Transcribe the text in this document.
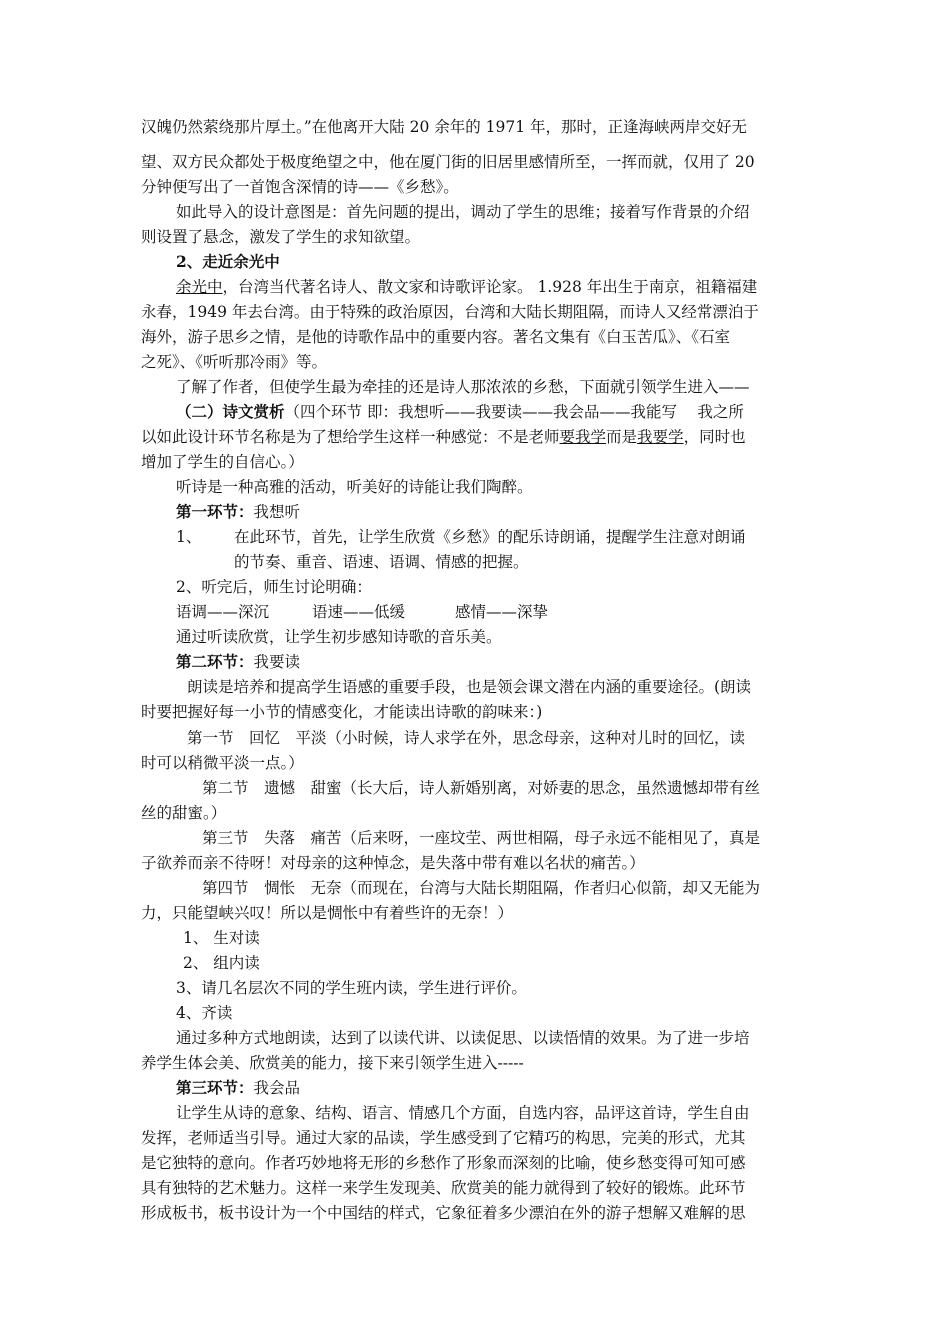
汉魄仍然萦绕那片厚土。”在他离开大陆 20 余年的 1971 年，那时，正逢海峡两岸交好无
望、双方民众都处于极度绝望之中，他在厦门街的旧居里感情所至，一挥而就，仅用了 20
分钟便写出了一首饱含深情的诗——《乡愁》。
如此导入的设计意图是：首先问题的提出，调动了学生的思维；接着写作背景的介绍
则设置了悬念，激发了学生的求知欲望。
2、走近余光中
余光中，台湾当代著名诗人、散文家和诗歌评论家。 1.928 年出生于南京，祖籍福建
永春，1949 年去台湾。由于特殊的政治原因，台湾和大陆长期阻隔，而诗人又经常漂泊于
海外，游子思乡之情，是他的诗歌作品中的重要内容。著名文集有《白玉苦瓜》、《石室
之死》、《听听那冷雨》等。
了解了作者，但使学生最为牵挂的还是诗人那浓浓的乡愁，下面就引领学生进入——
（二）诗文赏析（四个环节 即：我想听——我要读——我会品——我能写　 我之所
以如此设计环节名称是为了想给学生这样一种感觉：不是老师要我学而是我要学，同时也
增加了学生的自信心。）
听诗是一种高雅的活动，听美好的诗能让我们陶醉。
第一环节：我想听
1、 在此环节，首先，让学生欣赏《乡愁》的配乐诗朗诵，提醒学生注意对朗诵
的节奏、重音、语速、语调、情感的把握。
2、听完后，师生讨论明确：
语调——深沉	语速——低缓	感情——深挚
通过听读欣赏，让学生初步感知诗歌的音乐美。
第二环节：我要读
朗读是培养和提高学生语感的重要手段，也是领会课文潜在内涵的重要途径。(朗读
时要把握好每一小节的情感变化，才能读出诗歌的韵味来：)
第一节　回忆　平淡（小时候，诗人求学在外，思念母亲，这种对儿时的回忆，读
时可以稍微平淡一点。）
第二节　遗憾　甜蜜（长大后，诗人新婚别离，对娇妻的思念，虽然遗憾却带有丝
丝的甜蜜。）
第三节　失落　痛苦（后来呀，一座坟茔、两世相隔，母子永远不能相见了，真是
子欲养而亲不待呀！对母亲的这种悼念，是失落中带有难以名状的痛苦。）
第四节　惆怅　无奈（而现在，台湾与大陆长期阻隔，作者归心似箭，却又无能为
力，只能望峡兴叹！所以是惆怅中有着些许的无奈！）
1、 生对读
2、 组内读
3、请几名层次不同的学生班内读，学生进行评价。
4、齐读
通过多种方式地朗读，达到了以读代讲、以读促思、以读悟情的效果。为了进一步培
养学生体会美、欣赏美的能力，接下来引领学生进入-----
第三环节：我会品
让学生从诗的意象、结构、语言、情感几个方面，自选内容，品评这首诗，学生自由
发挥，老师适当引导。通过大家的品读，学生感受到了它精巧的构思，完美的形式，尤其
是它独特的意向。作者巧妙地将无形的乡愁作了形象而深刻的比喻，使乡愁变得可知可感
具有独特的艺术魅力。这样一来学生发现美、欣赏美的能力就得到了较好的锻炼。此环节
形成板书，板书设计为一个中国结的样式，它象征着多少漂泊在外的游子想解又难解的思
